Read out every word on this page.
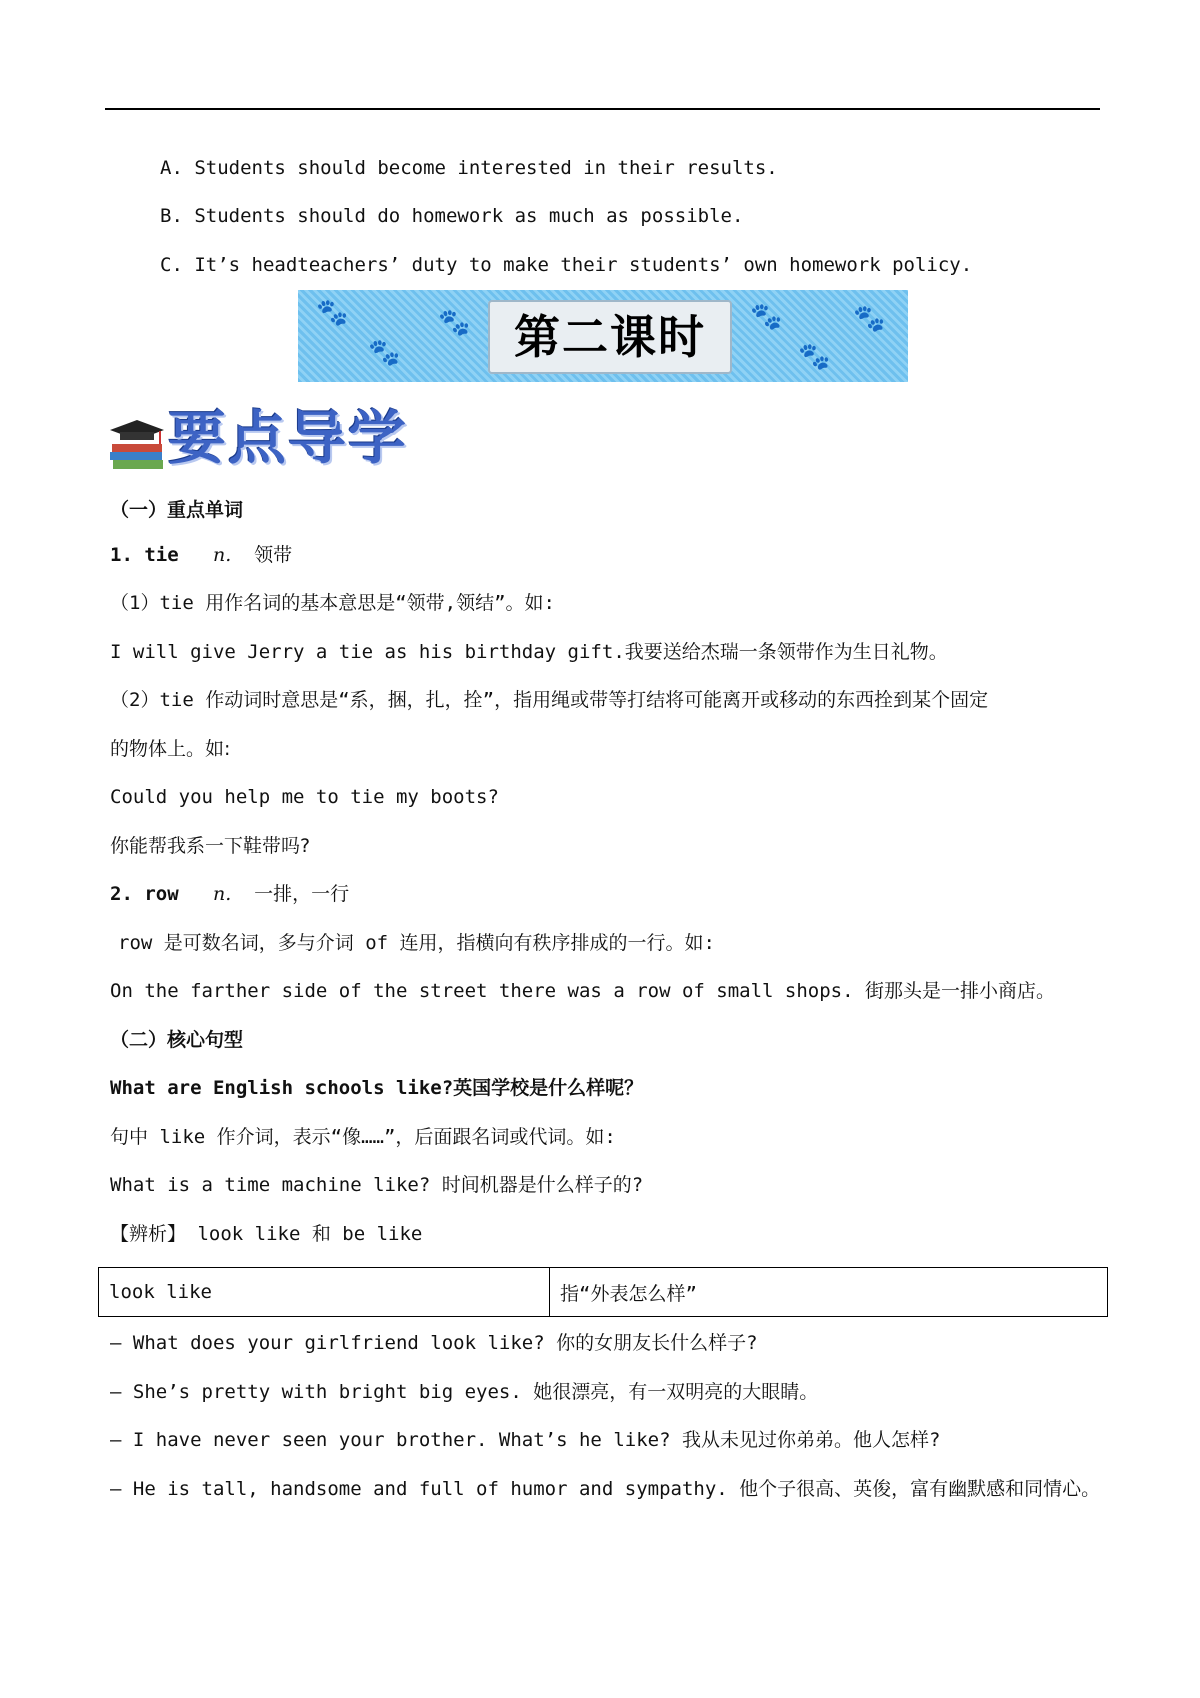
A. Students should become interested in their results.
B. Students should do homework as much as possible.
C. It’s headteachers’ duty to make their students’ own homework policy.
🐾
🐾
🐾	🐾
🐾
🐾
第二课时
要点导学
（一）重点单词
1. tie n. 领带
（1）tie 用作名词的基本意思是“领带,领结”。如:
I will give Jerry a tie as his birthday gift.我要送给杰瑞一条领带作为生日礼物。
（2）tie 作动词时意思是“系，捆，扎，拴”，指用绳或带等打结将可能离开或移动的东西拴到某个固定
的物体上。如:
Could you help me to tie my boots?
你能帮我系一下鞋带吗?
2. row n. 一排，一行
row 是可数名词，多与介词 of 连用，指横向有秩序排成的一行。如:
On the farther side of the street there was a row of small shops. 街那头是一排小商店。
（二）核心句型
What are English schools like?英国学校是什么样呢？
句中 like 作介词，表示“像……”，后面跟名词或代词。如:
What is a time machine like? 时间机器是什么样子的?
【辨析】 look like 和 be like
look like	指“外表怎么样”
— What does your girlfriend look like? 你的女朋友长什么样子?
— She’s pretty with bright big eyes. 她很漂亮，有一双明亮的大眼睛。
— I have never seen your brother. What’s he like? 我从未见过你弟弟。他人怎样?
— He is tall, handsome and full of humor and sympathy. 他个子很高、英俊，富有幽默感和同情心。
